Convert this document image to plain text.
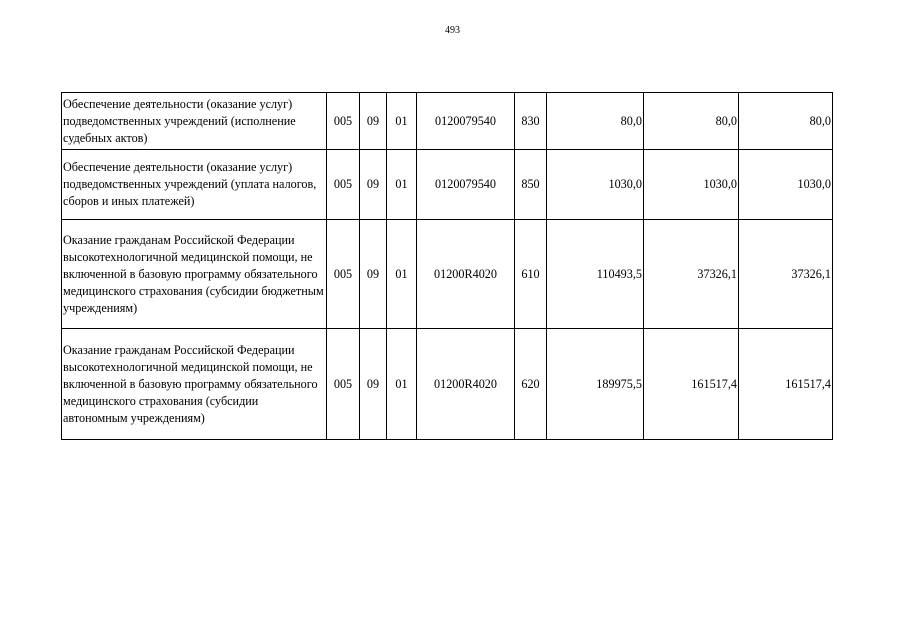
493
Обеспечение деятельности (оказание услуг) подведомственных учреждений (исполнение судебных актов)	005	09	01	0120079540	830	80,0	80,0	80,0
Обеспечение деятельности (оказание услуг) подведомственных учреждений (уплата налогов, сборов и иных платежей)	005	09	01	0120079540	850	1030,0	1030,0	1030,0
Оказание гражданам Российской Федерации высокотехнологичной медицинской помощи, не включенной в базовую программу обязательного медицинского страхования (субсидии бюджетным учреждениям)	005	09	01	01200R4020	610	110493,5	37326,1	37326,1
Оказание гражданам Российской Федерации высокотехнологичной медицинской помощи, не включенной в базовую программу обязательного медицинского страхования (субсидии автономным учреждениям)	005	09	01	01200R4020	620	189975,5	161517,4	161517,4
